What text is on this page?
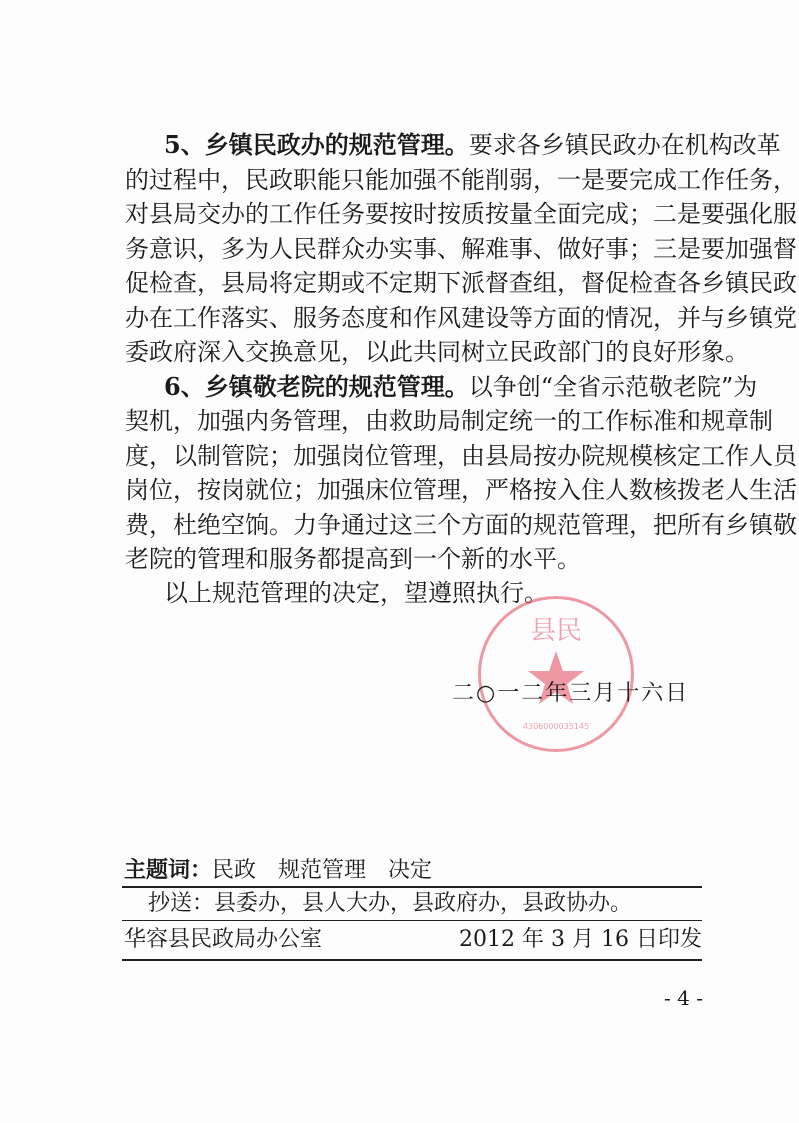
5、乡镇民政办的规范管理。要求各乡镇民政办在机构改革
的过程中，民政职能只能加强不能削弱，一是要完成工作任务，
对县局交办的工作任务要按时按质按量全面完成；二是要强化服
务意识，多为人民群众办实事、解难事、做好事；三是要加强督
促检查，县局将定期或不定期下派督查组，督促检查各乡镇民政
办在工作落实、服务态度和作风建设等方面的情况，并与乡镇党
委政府深入交换意见，以此共同树立民政部门的良好形象。
6、乡镇敬老院的规范管理。以争创“全省示范敬老院”为
契机，加强内务管理，由救助局制定统一的工作标准和规章制
度，以制管院；加强岗位管理，由县局按办院规模核定工作人员
岗位，按岗就位；加强床位管理，严格按入住人数核拨老人生活
费，杜绝空饷。力争通过这三个方面的规范管理，把所有乡镇敬
老院的管理和服务都提高到一个新的水平。
以上规范管理的决定，望遵照执行。
县民
4306000035145
二○一二年三月十六日
主题词：民政　规范管理　决定
抄送：县委办，县人大办，县政府办，县政协办。
华容县民政局办公室	2012 年 3 月 16 日印发
- 4 -
